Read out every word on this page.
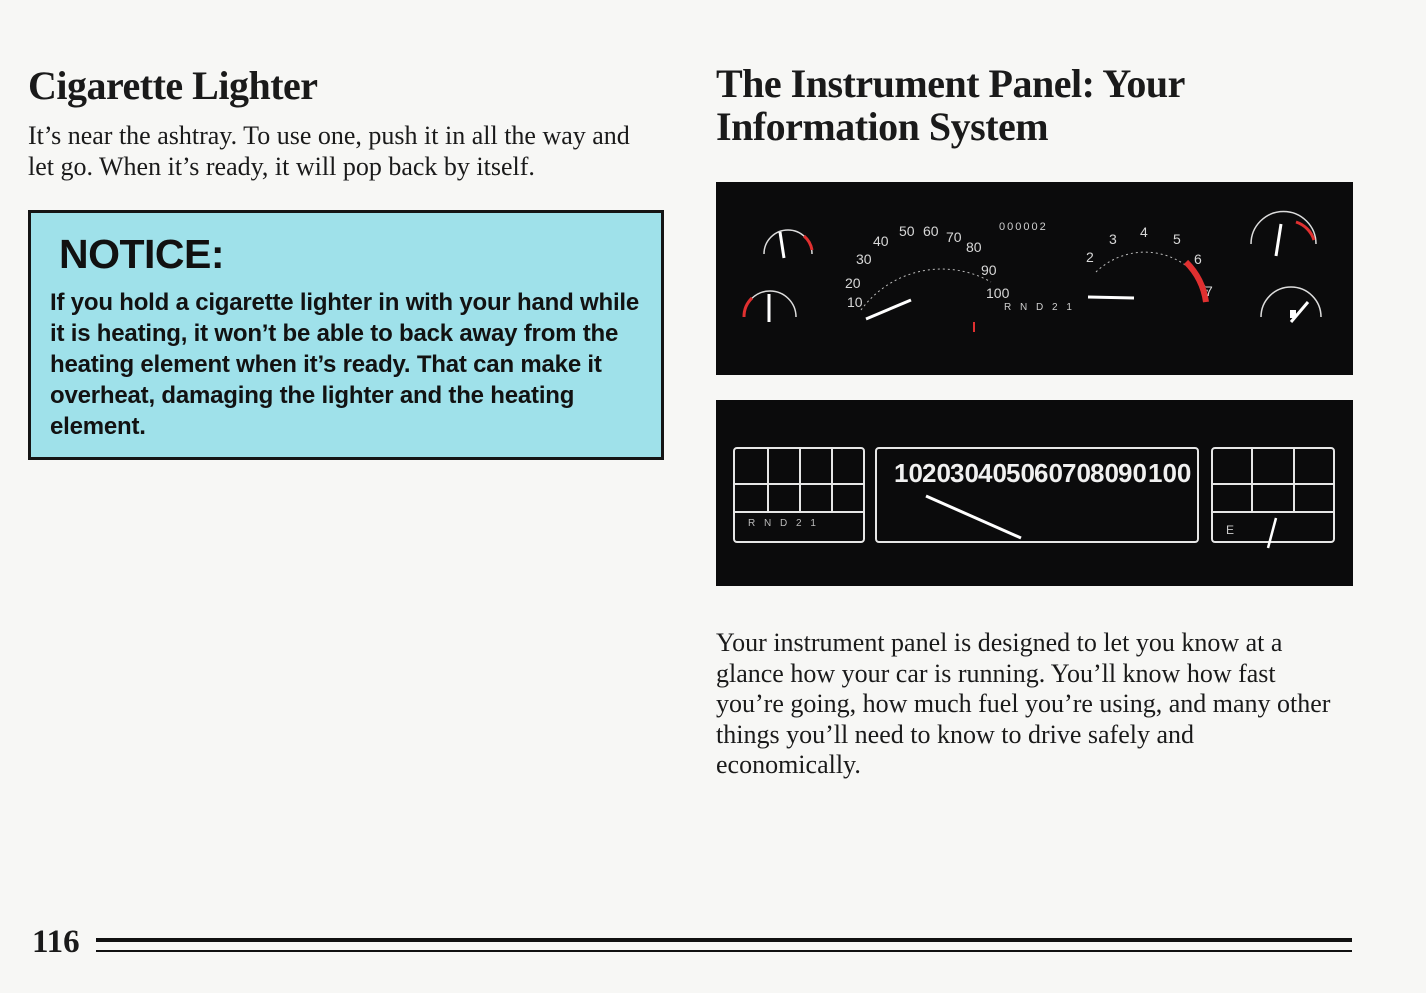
Cigarette Lighter
It’s near the ashtray. To use one, push it in all the way and let go. When it’s ready, it will pop back by itself.
NOTICE:
If you hold a cigarette lighter in with your hand while it is heating, it won’t be able to back away from the heating element when it’s ready. That can make it overheat, damaging the lighter and the heating element.
The Instrument Panel: Your Information System
10
20
30
40
50 60 70
80
90
100
000002
R N D 2 1
2
3 4 5
6
7
R N D 2 1
10 20 30 40 50 60 70 80 90 100
E
Your instrument panel is designed to let you know at a glance how your car is running. You’ll know how fast you’re going, how much fuel you’re using, and many other things you’ll need to know to drive safely and economically.
116
